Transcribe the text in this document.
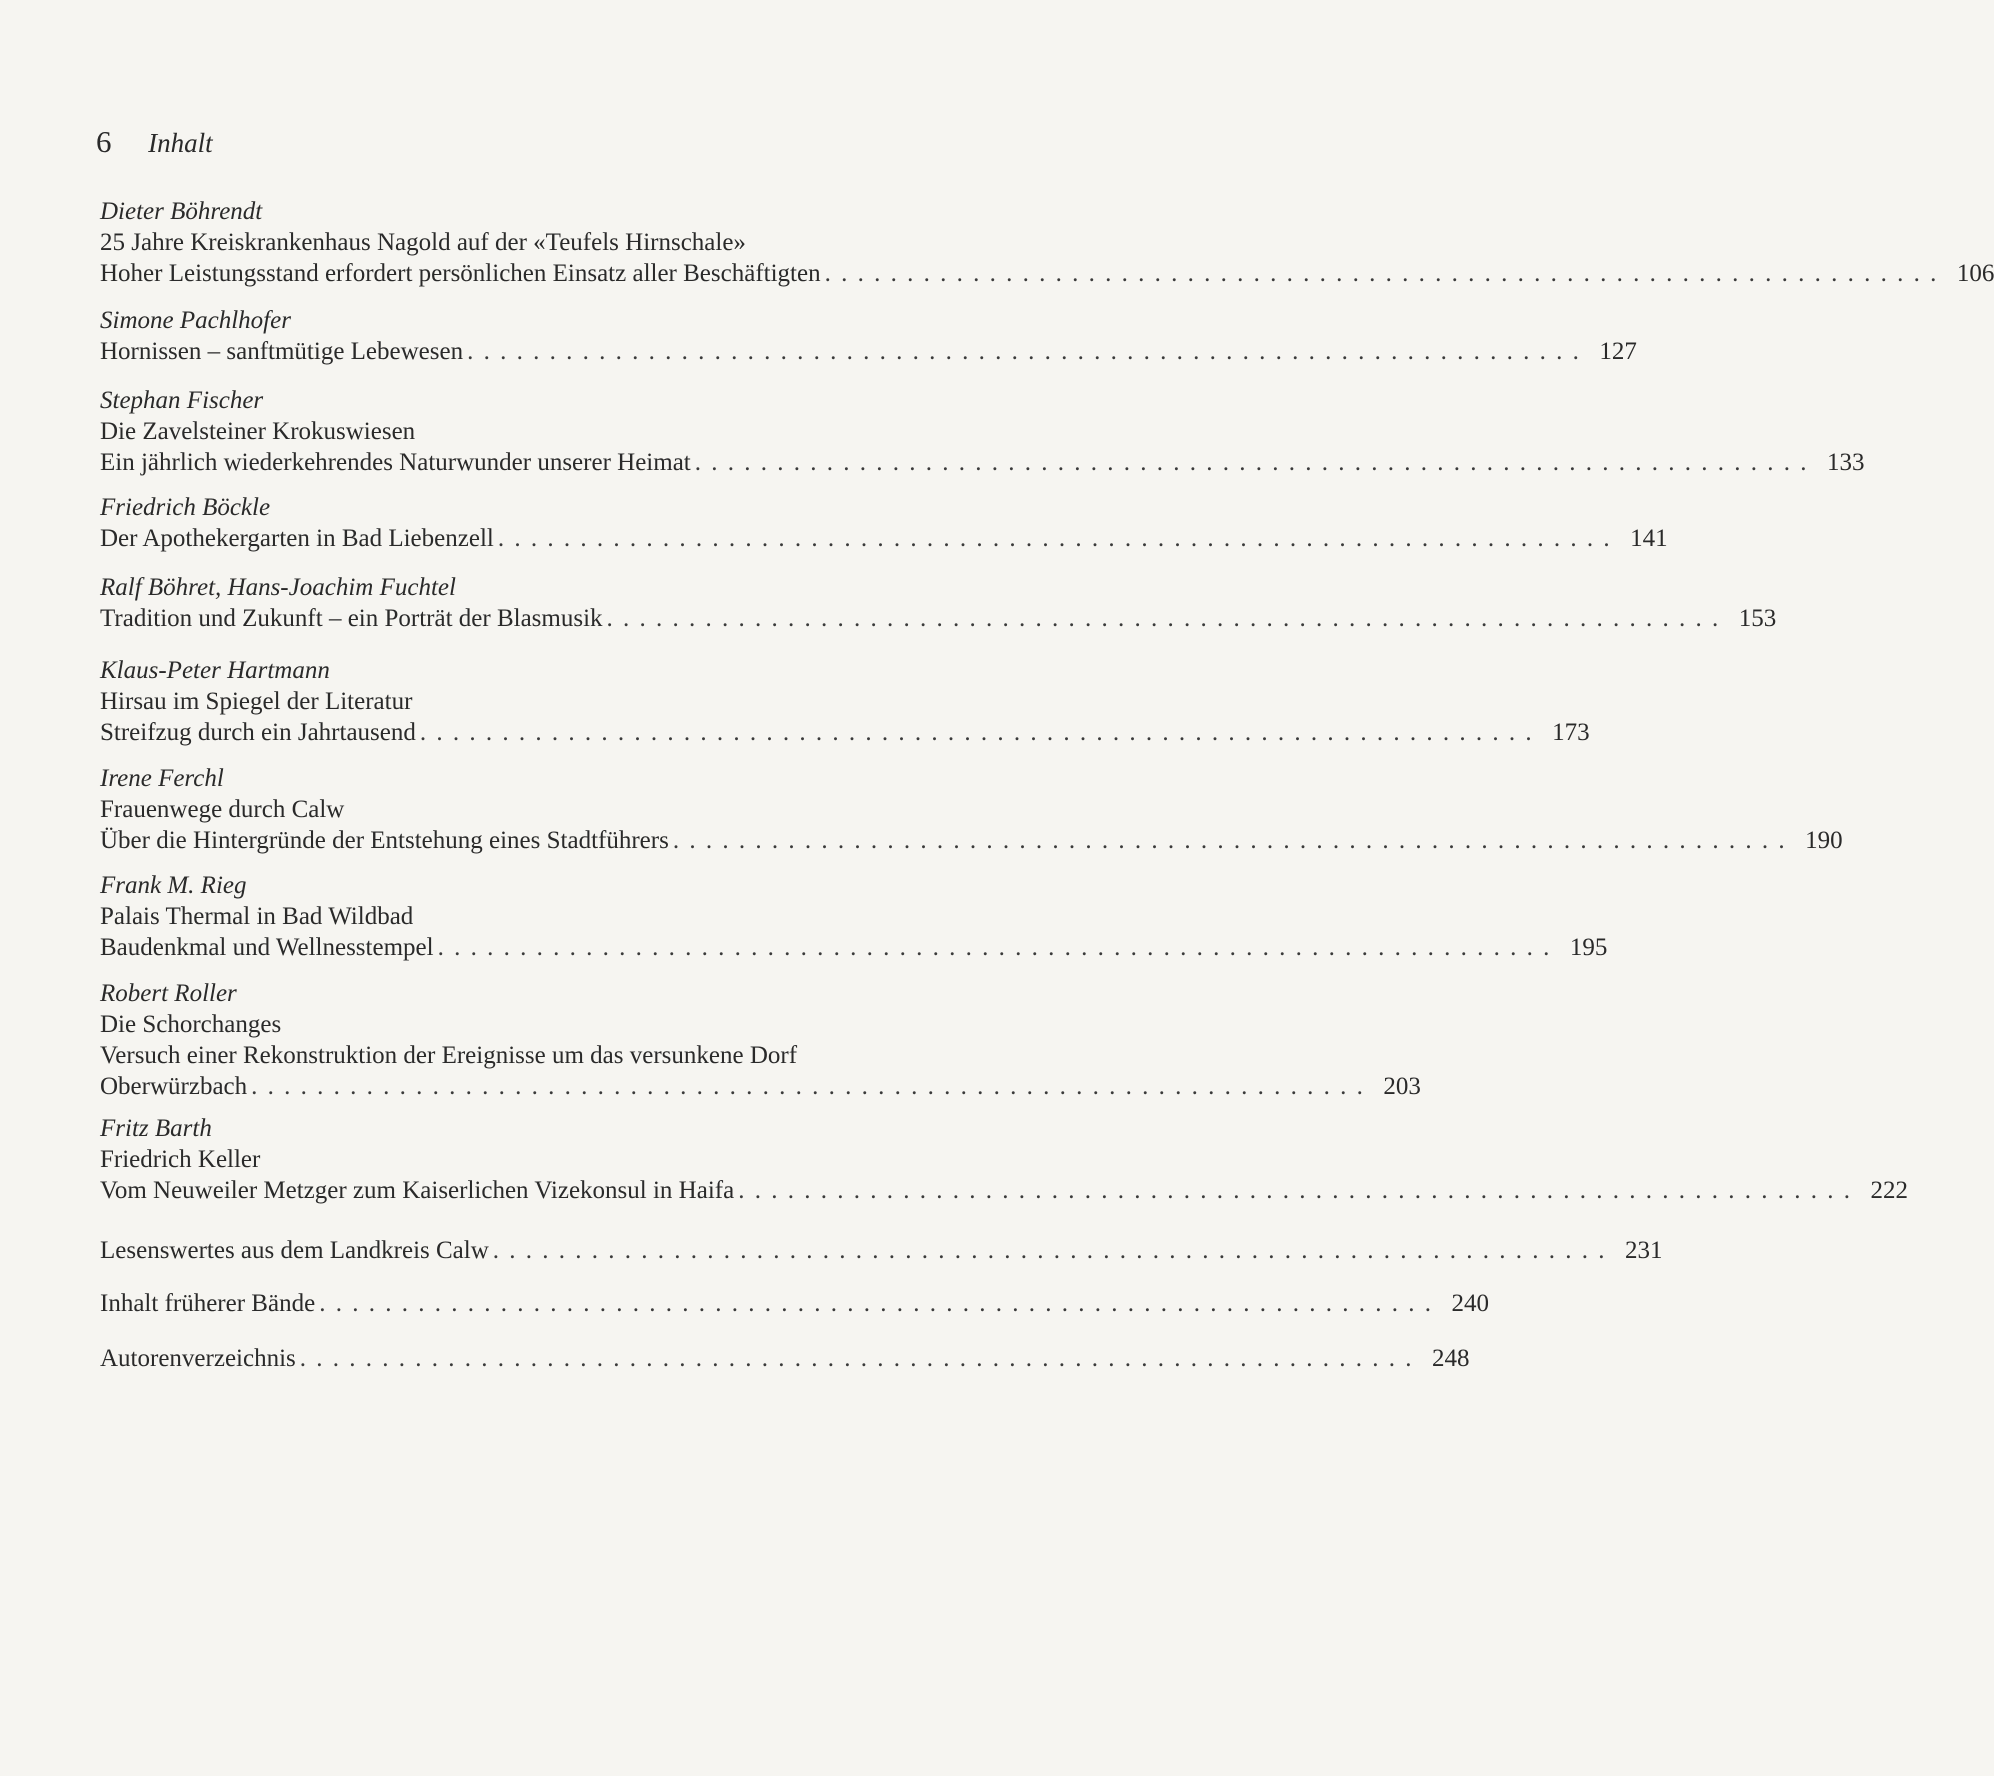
6 Inhalt
Dieter Böhrendt
25 Jahre Kreiskrankenhaus Nagold auf der «Teufels Hirnschale»
Hoher Leistungsstand erfordert persönlichen Einsatz aller Beschäftigten . . . . . . . . . . . . . . . . . . . . . . . . . . . . . . . . . . . . . . . . . . . . . . . . . . . . . . . . . . . . . . . . . . . . 106
Simone Pachlhofer
Hornissen – sanftmütige Lebewesen . . . . . . . . . . . . . . . . . . . . . . . . . . . . . . . . . . . . . . . . . . . . . . . . . . . . . . . . . . . . . . . . . . . . 127
Stephan Fischer
Die Zavelsteiner Krokuswiesen
Ein jährlich wiederkehrendes Naturwunder unserer Heimat . . . . . . . . . . . . . . . . . . . . . . . . . . . . . . . . . . . . . . . . . . . . . . . . . . . . . . . . . . . . . . . . . . . . 133
Friedrich Böckle
Der Apothekergarten in Bad Liebenzell . . . . . . . . . . . . . . . . . . . . . . . . . . . . . . . . . . . . . . . . . . . . . . . . . . . . . . . . . . . . . . . . . . . . 141
Ralf Böhret, Hans-Joachim Fuchtel
Tradition und Zukunft – ein Porträt der Blasmusik . . . . . . . . . . . . . . . . . . . . . . . . . . . . . . . . . . . . . . . . . . . . . . . . . . . . . . . . . . . . . . . . . . . . 153
Klaus-Peter Hartmann
Hirsau im Spiegel der Literatur
Streifzug durch ein Jahrtausend . . . . . . . . . . . . . . . . . . . . . . . . . . . . . . . . . . . . . . . . . . . . . . . . . . . . . . . . . . . . . . . . . . . . 173
Irene Ferchl
Frauenwege durch Calw
Über die Hintergründe der Entstehung eines Stadtführers . . . . . . . . . . . . . . . . . . . . . . . . . . . . . . . . . . . . . . . . . . . . . . . . . . . . . . . . . . . . . . . . . . . . 190
Frank M. Rieg
Palais Thermal in Bad Wildbad
Baudenkmal und Wellnesstempel . . . . . . . . . . . . . . . . . . . . . . . . . . . . . . . . . . . . . . . . . . . . . . . . . . . . . . . . . . . . . . . . . . . . 195
Robert Roller
Die Schorchanges
Versuch einer Rekonstruktion der Ereignisse um das versunkene Dorf
Oberwürzbach . . . . . . . . . . . . . . . . . . . . . . . . . . . . . . . . . . . . . . . . . . . . . . . . . . . . . . . . . . . . . . . . . . . . 203
Fritz Barth
Friedrich Keller
Vom Neuweiler Metzger zum Kaiserlichen Vizekonsul in Haifa . . . . . . . . . . . . . . . . . . . . . . . . . . . . . . . . . . . . . . . . . . . . . . . . . . . . . . . . . . . . . . . . . . . . 222
Lesenswertes aus dem Landkreis Calw . . . . . . . . . . . . . . . . . . . . . . . . . . . . . . . . . . . . . . . . . . . . . . . . . . . . . . . . . . . . . . . . . . . . 231
Inhalt früherer Bände . . . . . . . . . . . . . . . . . . . . . . . . . . . . . . . . . . . . . . . . . . . . . . . . . . . . . . . . . . . . . . . . . . . . 240
Autorenverzeichnis . . . . . . . . . . . . . . . . . . . . . . . . . . . . . . . . . . . . . . . . . . . . . . . . . . . . . . . . . . . . . . . . . . . . 248
